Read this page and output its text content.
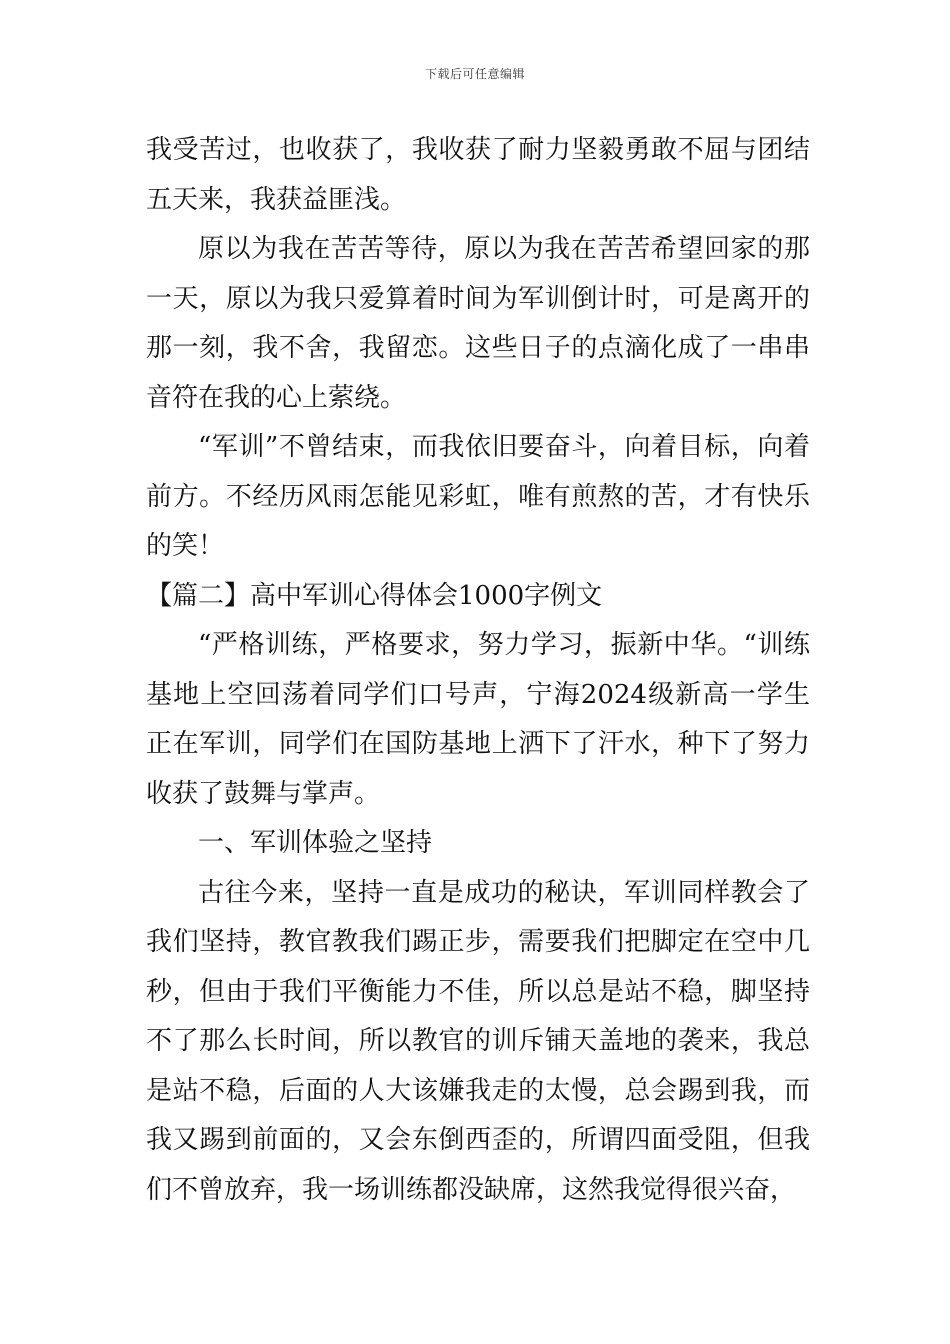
下载后可任意编辑

我受苦过，也收获了，我收获了耐力坚毅勇敢不屈与团结五天来，我获益匪浅。

原以为我在苦苦等待，原以为我在苦苦希望回家的那一天，原以为我只爱算着时间为军训倒计时，可是离开的那一刻，我不舍，我留恋。这些日子的点滴化成了一串串音符在我的心上萦绕。

“军训”不曾结束，而我依旧要奋斗，向着目标，向着前方。不经历风雨怎能见彩虹，唯有煎熬的苦，才有快乐的笑！

【篇二】高中军训心得体会1000字例文

“严格训练，严格要求，努力学习，振新中华。“训练基地上空回荡着同学们口号声，宁海2024级新高一学生正在军训，同学们在国防基地上洒下了汗水，种下了努力收获了鼓舞与掌声。

一、军训体验之坚持

古往今来，坚持一直是成功的秘诀，军训同样教会了我们坚持，教官教我们踢正步，需要我们把脚定在空中几秒，但由于我们平衡能力不佳，所以总是站不稳，脚坚持不了那么长时间，所以教官的训斥铺天盖地的袭来，我总是站不稳，后面的人大该嫌我走的太慢，总会踢到我，而我又踢到前面的，又会东倒西歪的，所谓四面受阻，但我们不曾放弃，我一场训练都没缺席，这然我觉得很兴奋，
